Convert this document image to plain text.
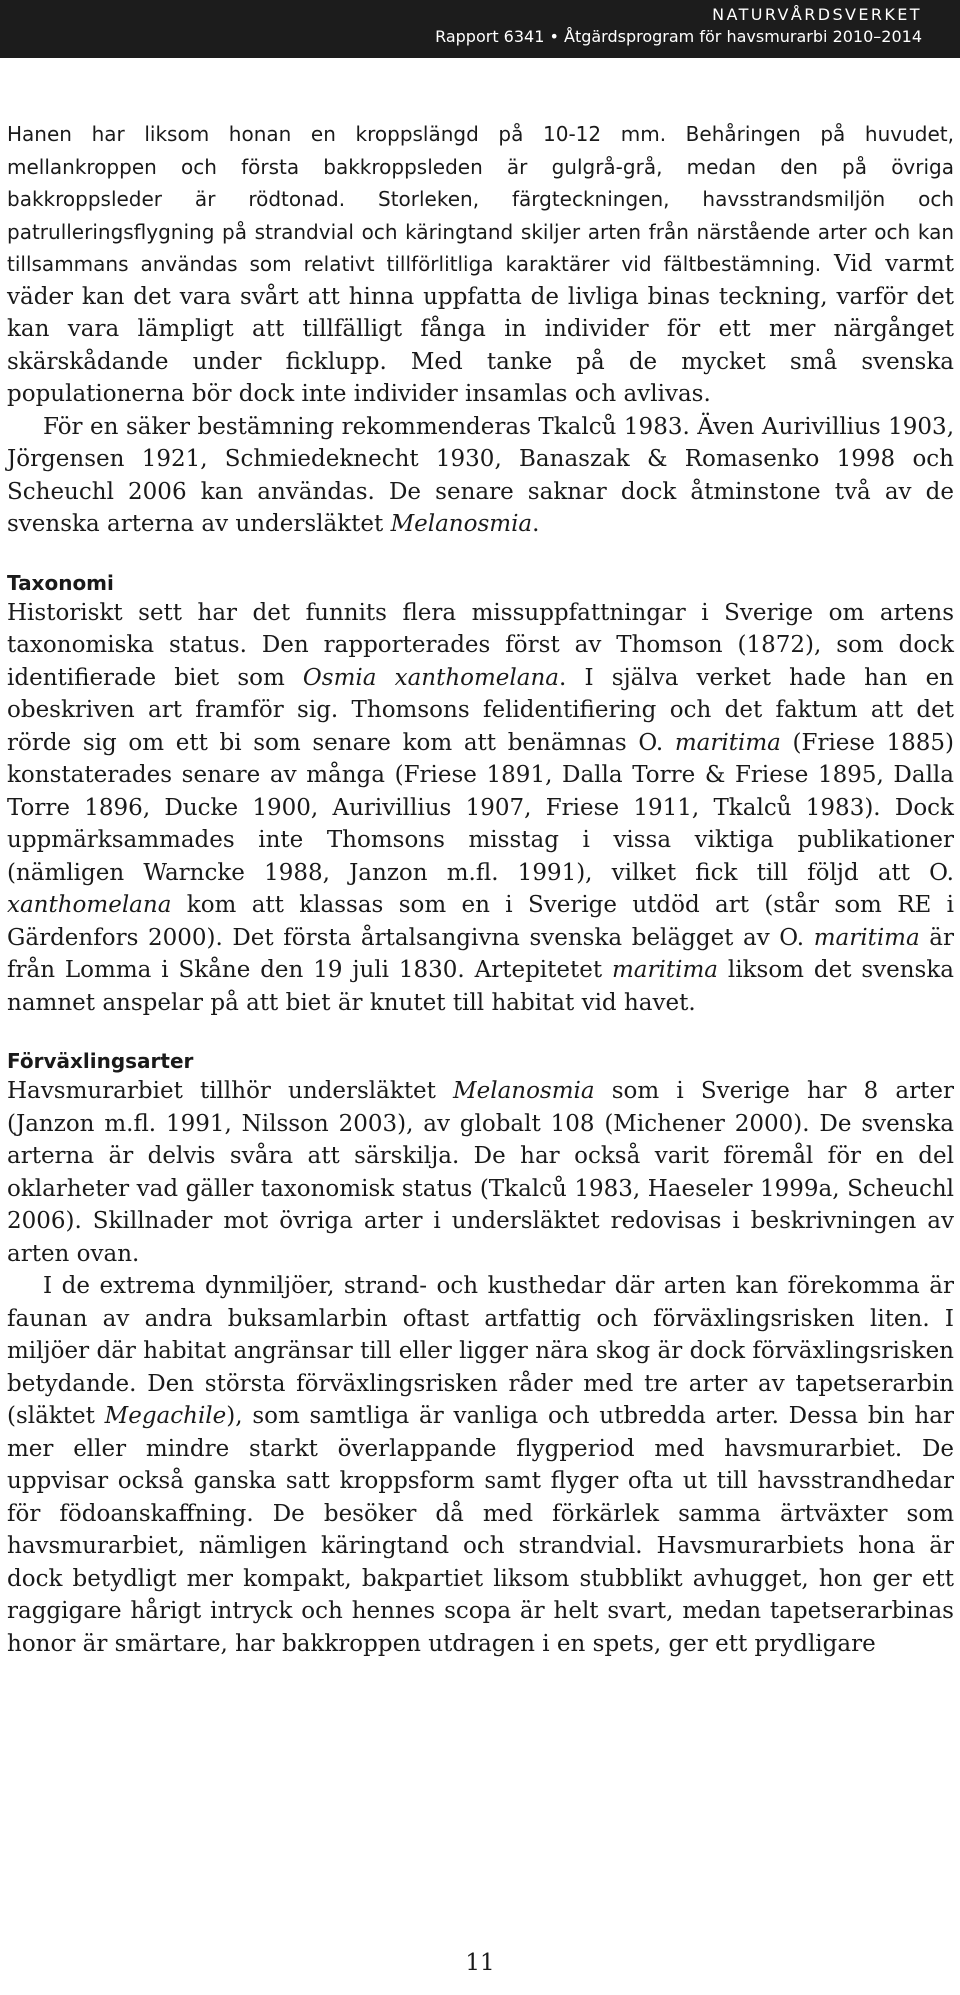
NATURVÅRDSVERKET
Rapport 6341 • Åtgärdsprogram för havsmurarbi 2010–2014

Hanen har liksom honan en kroppslängd på 10-12 mm. Behåringen på huvudet, mellankroppen och första bakkroppsleden är gulgrå-grå, medan den på övriga bakkroppsleder är rödtonad. Storleken, färgteckningen, havsstrandsmiljön och patrulleringsflygning på strandvial och käringtand skiljer arten från närstående arter och kan tillsammans användas som relativt tillförlitliga karaktärer vid fältbestämning. Vid varmt väder kan det vara svårt att hinna uppfatta de livliga binas teckning, varför det kan vara lämpligt att tillfälligt fånga in individer för ett mer närgånget skärskådande under ficklupp. Med tanke på de mycket små svenska populationerna bör dock inte individer insamlas och avlivas.

För en säker bestämning rekommenderas Tkalců 1983. Även Aurivillius 1903, Jörgensen 1921, Schmiedeknecht 1930, Banaszak & Romasenko 1998 och Scheuchl 2006 kan användas. De senare saknar dock åtminstone två av de svenska arterna av undersläktet Melanosmia.

Taxonomi

Historiskt sett har det funnits flera missuppfattningar i Sverige om artens taxonomiska status. Den rapporterades först av Thomson (1872), som dock identifierade biet som Osmia xanthomelana. I själva verket hade han en obeskriven art framför sig. Thomsons felidentifiering och det faktum att det rörde sig om ett bi som senare kom att benämnas O. maritima (Friese 1885) konstaterades senare av många (Friese 1891, Dalla Torre & Friese 1895, Dalla Torre 1896, Ducke 1900, Aurivillius 1907, Friese 1911, Tkalců 1983). Dock uppmärksammades inte Thomsons misstag i vissa viktiga publikationer (nämligen Warncke 1988, Janzon m.fl. 1991), vilket fick till följd att O. xanthomelana kom att klassas som en i Sverige utdöd art (står som RE i Gärdenfors 2000). Det första årtalsangivna svenska belägget av O. maritima är från Lomma i Skåne den 19 juli 1830. Artepitetet maritima liksom det svenska namnet anspelar på att biet är knutet till habitat vid havet.

Förväxlingsarter

Havsmurarbiet tillhör undersläktet Melanosmia som i Sverige har 8 arter (Janzon m.fl. 1991, Nilsson 2003), av globalt 108 (Michener 2000). De svenska arterna är delvis svåra att särskilja. De har också varit föremål för en del oklarheter vad gäller taxonomisk status (Tkalců 1983, Haeseler 1999a, Scheuchl 2006). Skillnader mot övriga arter i undersläktet redovisas i beskrivningen av arten ovan.

I de extrema dynmiljöer, strand- och kusthedar där arten kan förekomma är faunan av andra buksamlarbin oftast artfattig och förväxlingsrisken liten. I miljöer där habitat angränsar till eller ligger nära skog är dock förväxlingsrisken betydande. Den största förväxlingsrisken råder med tre arter av tapetserarbin (släktet Megachile), som samtliga är vanliga och utbredda arter. Dessa bin har mer eller mindre starkt överlappande flygperiod med havsmurarbiet. De uppvisar också ganska satt kroppsform samt flyger ofta ut till havsstrandhedar för födoanskaffning. De besöker då med förkärlek samma ärtväxter som havsmurarbiet, nämligen käringtand och strandvial. Havsmurarbiets hona är dock betydligt mer kompakt, bakpartiet liksom stubblikt avhugget, hon ger ett raggigare hårigt intryck och hennes scopa är helt svart, medan tapetserarbinas honor är smärtare, har bakkroppen utdragen i en spets, ger ett prydligare

11
